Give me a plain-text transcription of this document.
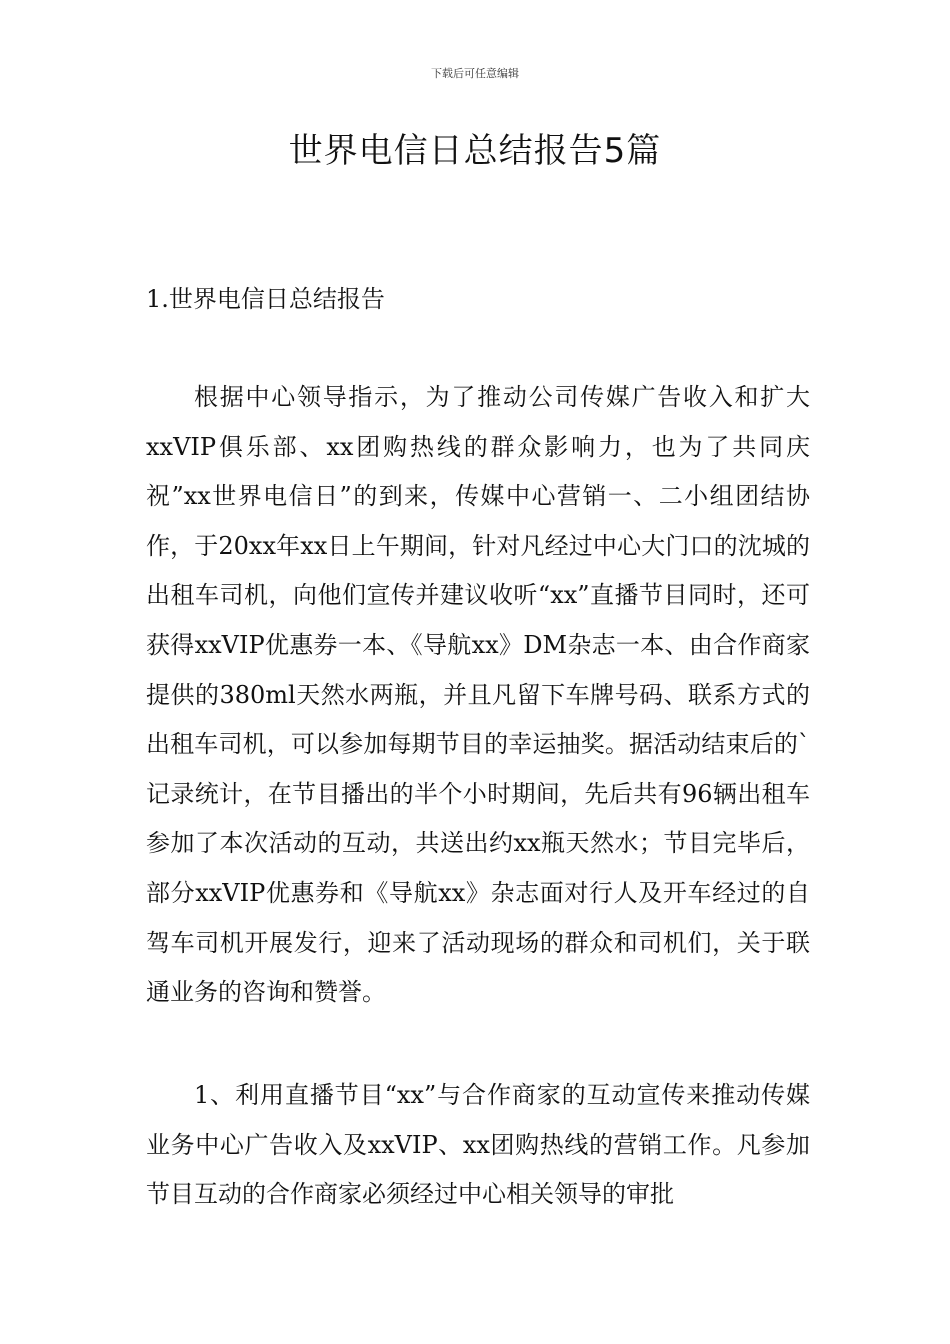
下载后可任意编辑
世界电信日总结报告5篇
1.世界电信日总结报告

根据中心领导指示，为了推动公司传媒广告收入和扩大xxVIP俱乐部、xx团购热线的群众影响力，也为了共同庆祝”xx世界电信日”的到来，传媒中心营销一、二小组团结协作，于20xx年xx日上午期间，针对凡经过中心大门口的沈城的出租车司机，向他们宣传并建议收听“xx”直播节目同时，还可获得xxVIP优惠券一本、《导航xx》DM杂志一本、由合作商家提供的380ml天然水两瓶，并且凡留下车牌号码、联系方式的出租车司机，可以参加每期节目的幸运抽奖。据活动结束后的`记录统计，在节目播出的半个小时期间，先后共有96辆出租车参加了本次活动的互动，共送出约xx瓶天然水；节目完毕后，部分xxVIP优惠券和《导航xx》杂志面对行人及开车经过的自驾车司机开展发行，迎来了活动现场的群众和司机们，关于联通业务的咨询和赞誉。

1、利用直播节目“xx”与合作商家的互动宣传来推动传媒业务中心广告收入及xxVIP、xx团购热线的营销工作。凡参加节目互动的合作商家必须经过中心相关领导的审批
